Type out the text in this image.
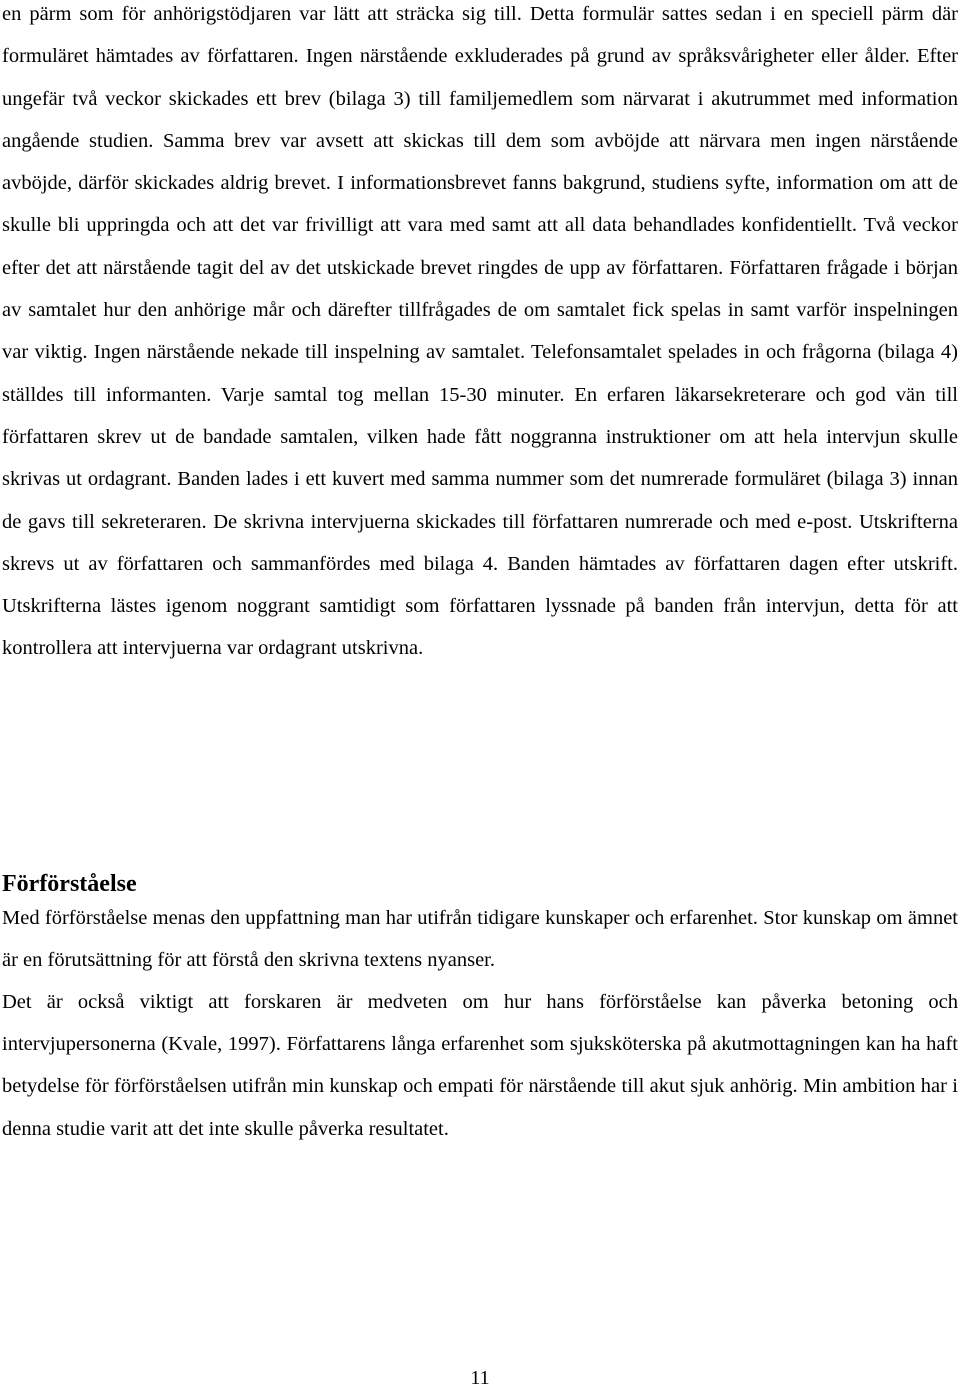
en pärm som för anhörigstödjaren var lätt att sträcka sig till. Detta formulär sattes sedan i en speciell pärm där formuläret hämtades av författaren. Ingen närstående exkluderades på grund av språksvårigheter eller ålder. Efter ungefär två veckor skickades ett brev (bilaga 3) till familjemedlem som närvarat i akutrummet med information angående studien. Samma brev var avsett att skickas till dem som avböjde att närvara men ingen närstående avböjde, därför skickades aldrig brevet. I informationsbrevet fanns bakgrund, studiens syfte, information om att de skulle bli uppringda och att det var frivilligt att vara med samt att all data behandlades konfidentiellt. Två veckor efter det att närstående tagit del av det utskickade brevet ringdes de upp av författaren. Författaren frågade i början av samtalet hur den anhörige mår och därefter tillfrågades de om samtalet fick spelas in samt varför inspelningen var viktig. Ingen närstående nekade till inspelning av samtalet. Telefonsamtalet spelades in och frågorna (bilaga 4) ställdes till informanten. Varje samtal tog mellan 15-30 minuter. En erfaren läkarsekreterare och god vän till författaren skrev ut de bandade samtalen, vilken hade fått noggranna instruktioner om att hela intervjun skulle skrivas ut ordagrant. Banden lades i ett kuvert med samma nummer som det numrerade formuläret (bilaga 3) innan de gavs till sekreteraren. De skrivna intervjuerna skickades till författaren numrerade och med e-post. Utskrifterna skrevs ut av författaren och sammanfördes med bilaga 4. Banden hämtades av författaren dagen efter utskrift. Utskrifterna lästes igenom noggrant samtidigt som författaren lyssnade på banden från intervjun, detta för att kontrollera att intervjuerna var ordagrant utskrivna.

Förförståelse

Med förförståelse menas den uppfattning man har utifrån tidigare kunskaper och erfarenhet. Stor kunskap om ämnet är en förutsättning för att förstå den skrivna textens nyanser.

Det är också viktigt att forskaren är medveten om hur hans förförståelse kan påverka betoning och intervjupersonerna (Kvale, 1997). Författarens långa erfarenhet som sjuksköterska på akutmottagningen kan ha haft betydelse för förförståelsen utifrån min kunskap och empati för närstående till akut sjuk anhörig. Min ambition har i denna studie varit att det inte skulle påverka resultatet.

11
